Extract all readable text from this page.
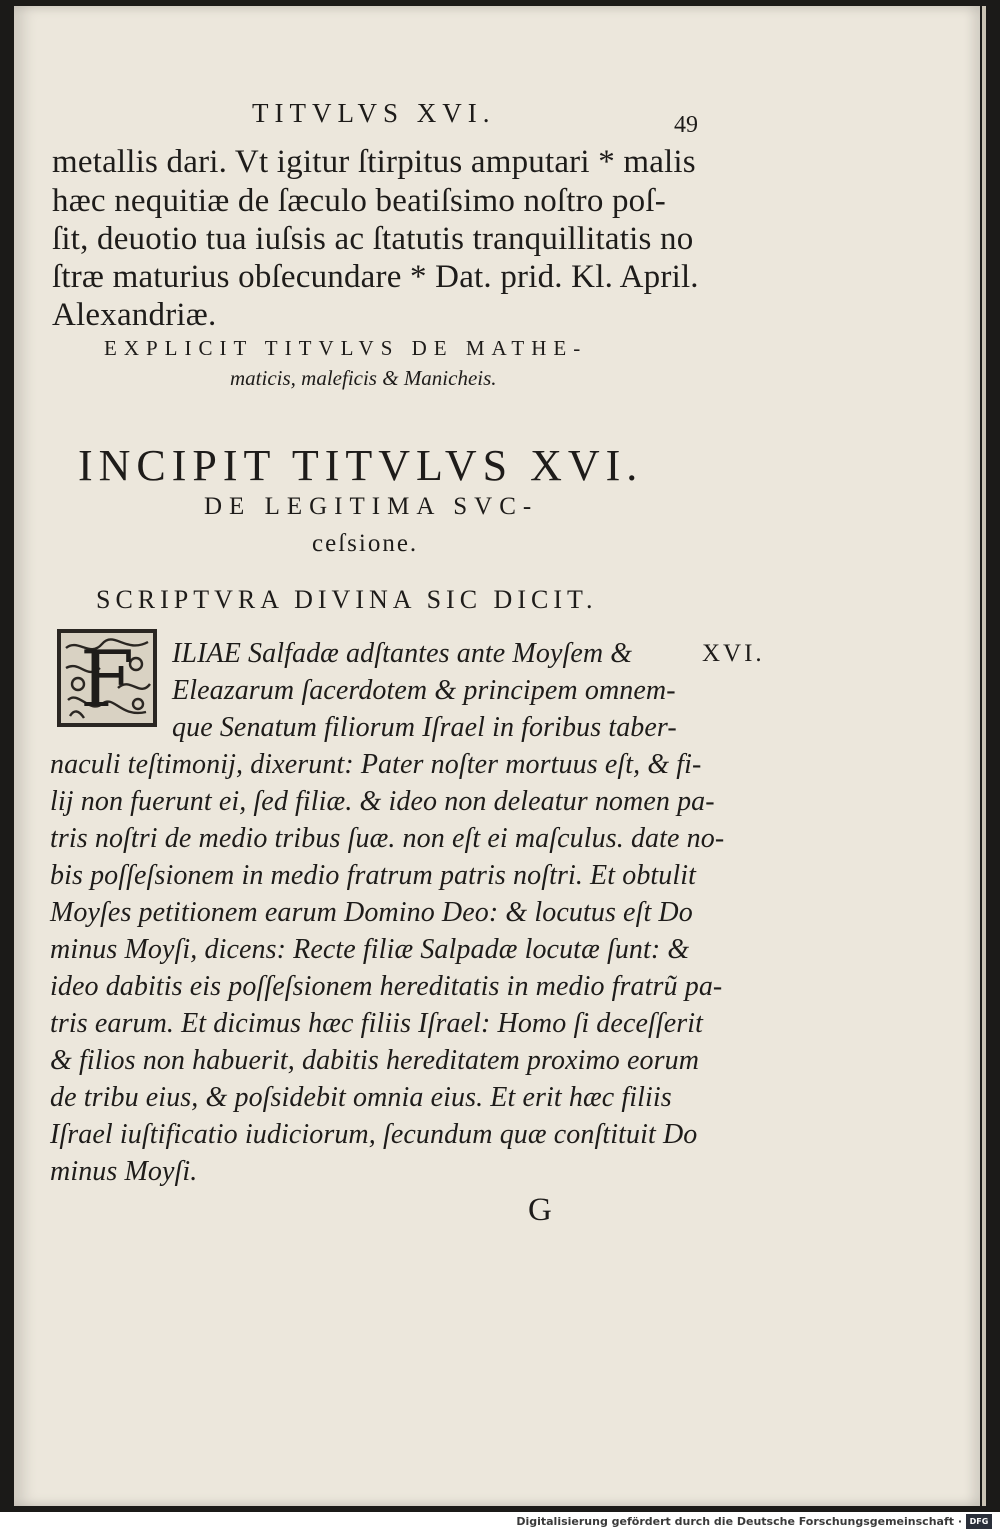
TITVLVS XVI.	49
metallis dari. Vt igitur ſtirpitus amputari * malis
hæc nequitiæ de ſæculo beatiſsimo noſtro poſ-
ſit, deuotio tua iuſsis ac ſtatutis tranquillitatis no
ſtræ maturius obſecundare * Dat. prid. Kl. April.
Alexandriæ.
EXPLICIT TITVLVS DE MATHE-
maticis, maleficis & Manicheis.
INCIPIT TITVLVS XVI.
DE LEGITIMA SVC-
ceſsione.
SCRIPTVRA DIVINA SIC DICIT.
F ILIAE Salfadæ adſtantes ante Moyſem &	XVI.
Eleazarum ſacerdotem & principem omnem-
que Senatum filiorum Iſrael in foribus taber-
naculi teſtimonij, dixerunt: Pater noſter mortuus eſt, & fi-
lij non fuerunt ei, ſed filiæ. & ideo non deleatur nomen pa-
tris noſtri de medio tribus ſuæ. non eſt ei maſculus. date no-
bis poſſeſsionem in medio fratrum patris noſtri. Et obtulit
Moyſes petitionem earum Domino Deo: & locutus eſt Do
minus Moyſi, dicens: Recte filiæ Salpadæ locutæ ſunt: &
ideo dabitis eis poſſeſsionem hereditatis in medio fratrũ pa-
tris earum. Et dicimus hæc filiis Iſrael: Homo ſi deceſſerit
& filios non habuerit, dabitis hereditatem proximo eorum
de tribu eius, & poſsidebit omnia eius. Et erit hæc filiis
Iſrael iuſtificatio iudiciorum, ſecundum quæ conſtituit Do
minus Moyſi.
G
Digitalisierung gefördert durch die Deutsche Forschungsgemeinschaft · DFG
